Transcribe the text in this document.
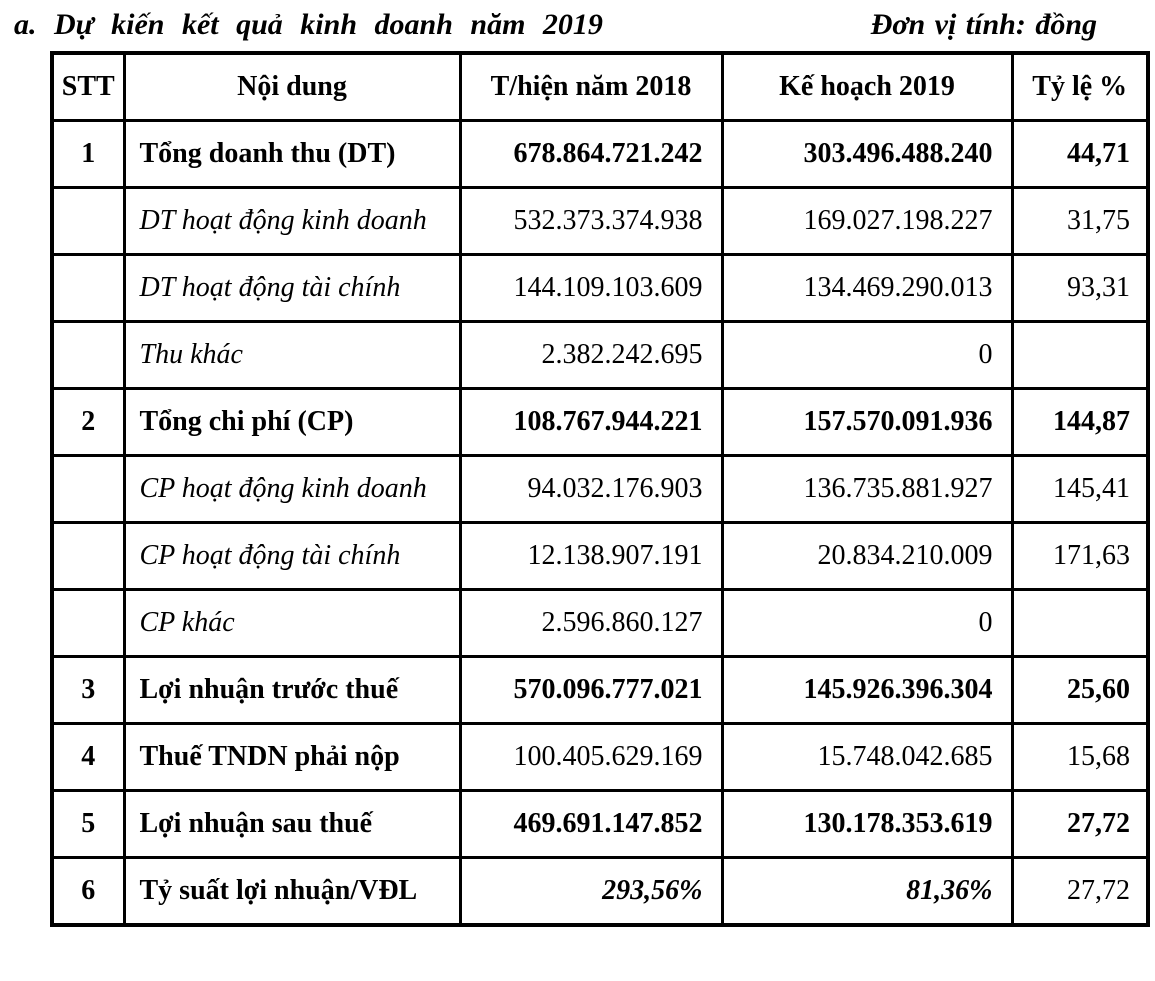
a. Dự kiến kết quả kinh doanh năm 2019	Đơn vị tính: đồng
STT	Nội dung	T/hiện năm 2018	Kế hoạch 2019	Tỷ lệ %
1	Tổng doanh thu (DT)	678.864.721.242	303.496.488.240	44,71
	DT hoạt động kinh doanh	532.373.374.938	169.027.198.227	31,75
	DT hoạt động tài chính	144.109.103.609	134.469.290.013	93,31
	Thu khác	2.382.242.695	0	
2	Tổng chi phí (CP)	108.767.944.221	157.570.091.936	144,87
	CP hoạt động kinh doanh	94.032.176.903	136.735.881.927	145,41
	CP hoạt động tài chính	12.138.907.191	20.834.210.009	171,63
	CP khác	2.596.860.127	0	
3	Lợi nhuận trước thuế	570.096.777.021	145.926.396.304	25,60
4	Thuế TNDN phải nộp	100.405.629.169	15.748.042.685	15,68
5	Lợi nhuận sau thuế	469.691.147.852	130.178.353.619	27,72
6	Tỷ suất lợi nhuận/VĐL	293,56%	81,36%	27,72
